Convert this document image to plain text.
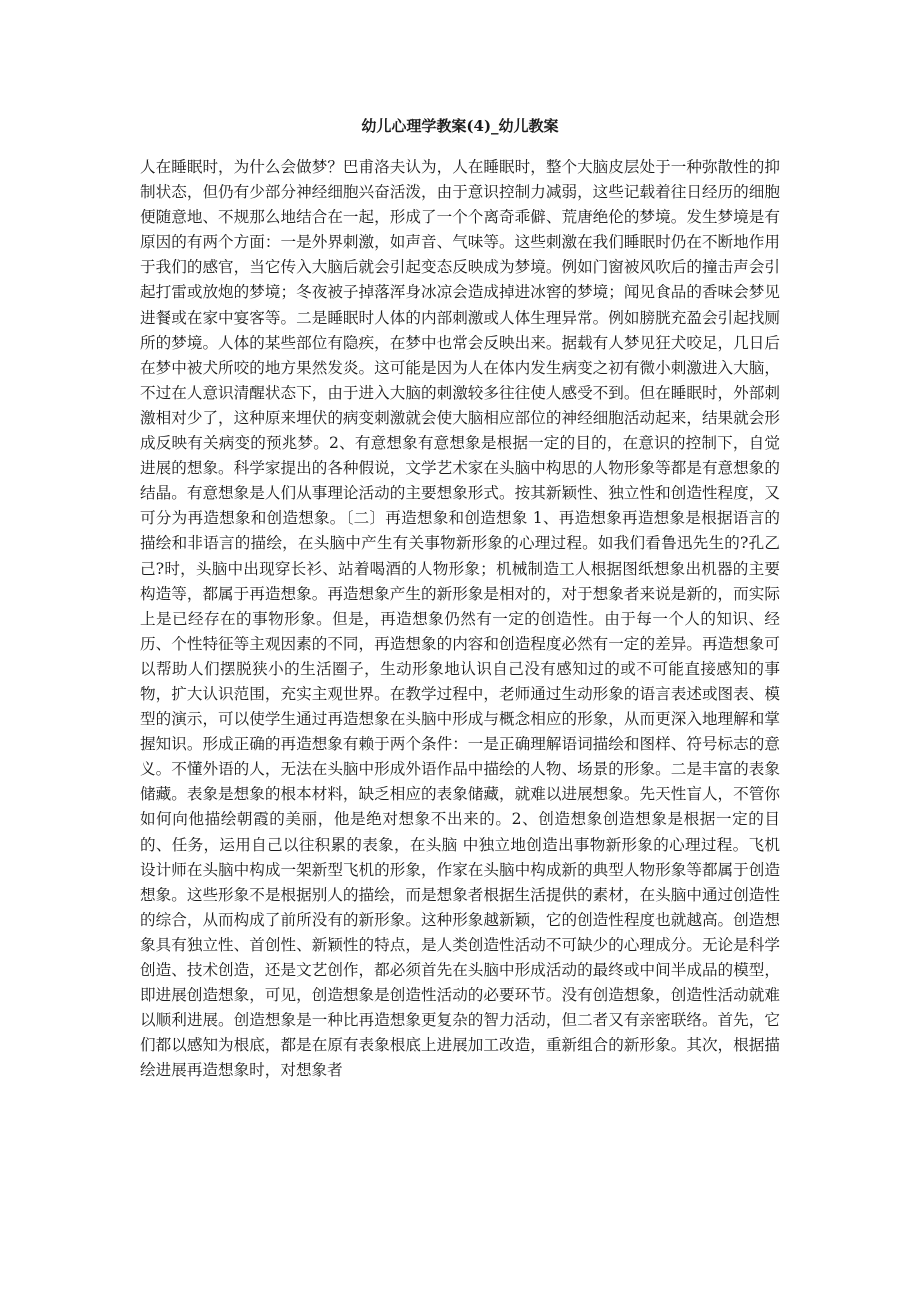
幼儿心理学教案(4)_幼儿教案

人在睡眠时，为什么会做梦？巴甫洛夫认为，人在睡眠时，整个大脑皮层处于一种弥散性的抑制状态，但仍有少部分神经细胞兴奋活泼，由于意识控制力减弱，这些记载着往日经历的细胞便随意地、不规那么地结合在一起，形成了一个个离奇乖僻、荒唐绝伦的梦境。发生梦境是有原因的有两个方面：一是外界刺激，如声音、气味等。这些刺激在我们睡眠时仍在不断地作用于我们的感官，当它传入大脑后就会引起变态反映成为梦境。例如门窗被风吹后的撞击声会引起打雷或放炮的梦境；冬夜被子掉落浑身冰凉会造成掉进冰窖的梦境；闻见食品的香味会梦见进餐或在家中宴客等。二是睡眠时人体的内部刺激或人体生理异常。例如膀胱充盈会引起找厕所的梦境。人体的某些部位有隐疾，在梦中也常会反映出来。据载有人梦见狂犬咬足，几日后在梦中被犬所咬的地方果然发炎。这可能是因为人在体内发生病变之初有微小刺激进入大脑，不过在人意识清醒状态下，由于进入大脑的刺激较多往往使人感受不到。但在睡眠时，外部刺激相对少了，这种原来埋伏的病变刺激就会使大脑相应部位的神经细胞活动起来，结果就会形成反映有关病变的预兆梦。2、有意想象有意想象是根据一定的目的，在意识的控制下，自觉进展的想象。科学家提出的各种假说，文学艺术家在头脑中构思的人物形象等都是有意想象的结晶。有意想象是人们从事理论活动的主要想象形式。按其新颖性、独立性和创造性程度，又可分为再造想象和创造想象。〔二〕再造想象和创造想象 1、再造想象再造想象是根据语言的描绘和非语言的描绘，在头脑中产生有关事物新形象的心理过程。如我们看鲁迅先生的?孔乙己?时，头脑中出现穿长衫、站着喝酒的人物形象；机械制造工人根据图纸想象出机器的主要构造等，都属于再造想象。再造想象产生的新形象是相对的，对于想象者来说是新的，而实际上是已经存在的事物形象。但是，再造想象仍然有一定的创造性。由于每一个人的知识、经历、个性特征等主观因素的不同，再造想象的内容和创造程度必然有一定的差异。再造想象可以帮助人们摆脱狭小的生活圈子，生动形象地认识自己没有感知过的或不可能直接感知的事物，扩大认识范围，充实主观世界。在教学过程中，老师通过生动形象的语言表述或图表、模型的演示，可以使学生通过再造想象在头脑中形成与概念相应的形象，从而更深入地理解和掌握知识。形成正确的再造想象有赖于两个条件：一是正确理解语词描绘和图样、符号标志的意义。不懂外语的人，无法在头脑中形成外语作品中描绘的人物、场景的形象。二是丰富的表象储藏。表象是想象的根本材料，缺乏相应的表象储藏，就难以进展想象。先天性盲人，不管你如何向他描绘朝霞的美丽，他是绝对想象不出来的。2、创造想象创造想象是根据一定的目的、任务，运用自己以往积累的表象，在头脑 中独立地创造出事物新形象的心理过程。飞机设计师在头脑中构成一架新型飞机的形象，作家在头脑中构成新的典型人物形象等都属于创造想象。这些形象不是根据别人的描绘，而是想象者根据生活提供的素材，在头脑中通过创造性的综合，从而构成了前所没有的新形象。这种形象越新颖，它的创造性程度也就越高。创造想象具有独立性、首创性、新颖性的特点，是人类创造性活动不可缺少的心理成分。无论是科学创造、技术创造，还是文艺创作，都必须首先在头脑中形成活动的最终或中间半成品的模型，即进展创造想象，可见，创造想象是创造性活动的必要环节。没有创造想象，创造性活动就难以顺利进展。创造想象是一种比再造想象更复杂的智力活动，但二者又有亲密联络。首先，它们都以感知为根底，都是在原有表象根底上进展加工改造，重新组合的新形象。其次，根据描绘进展再造想象时，对想象者
